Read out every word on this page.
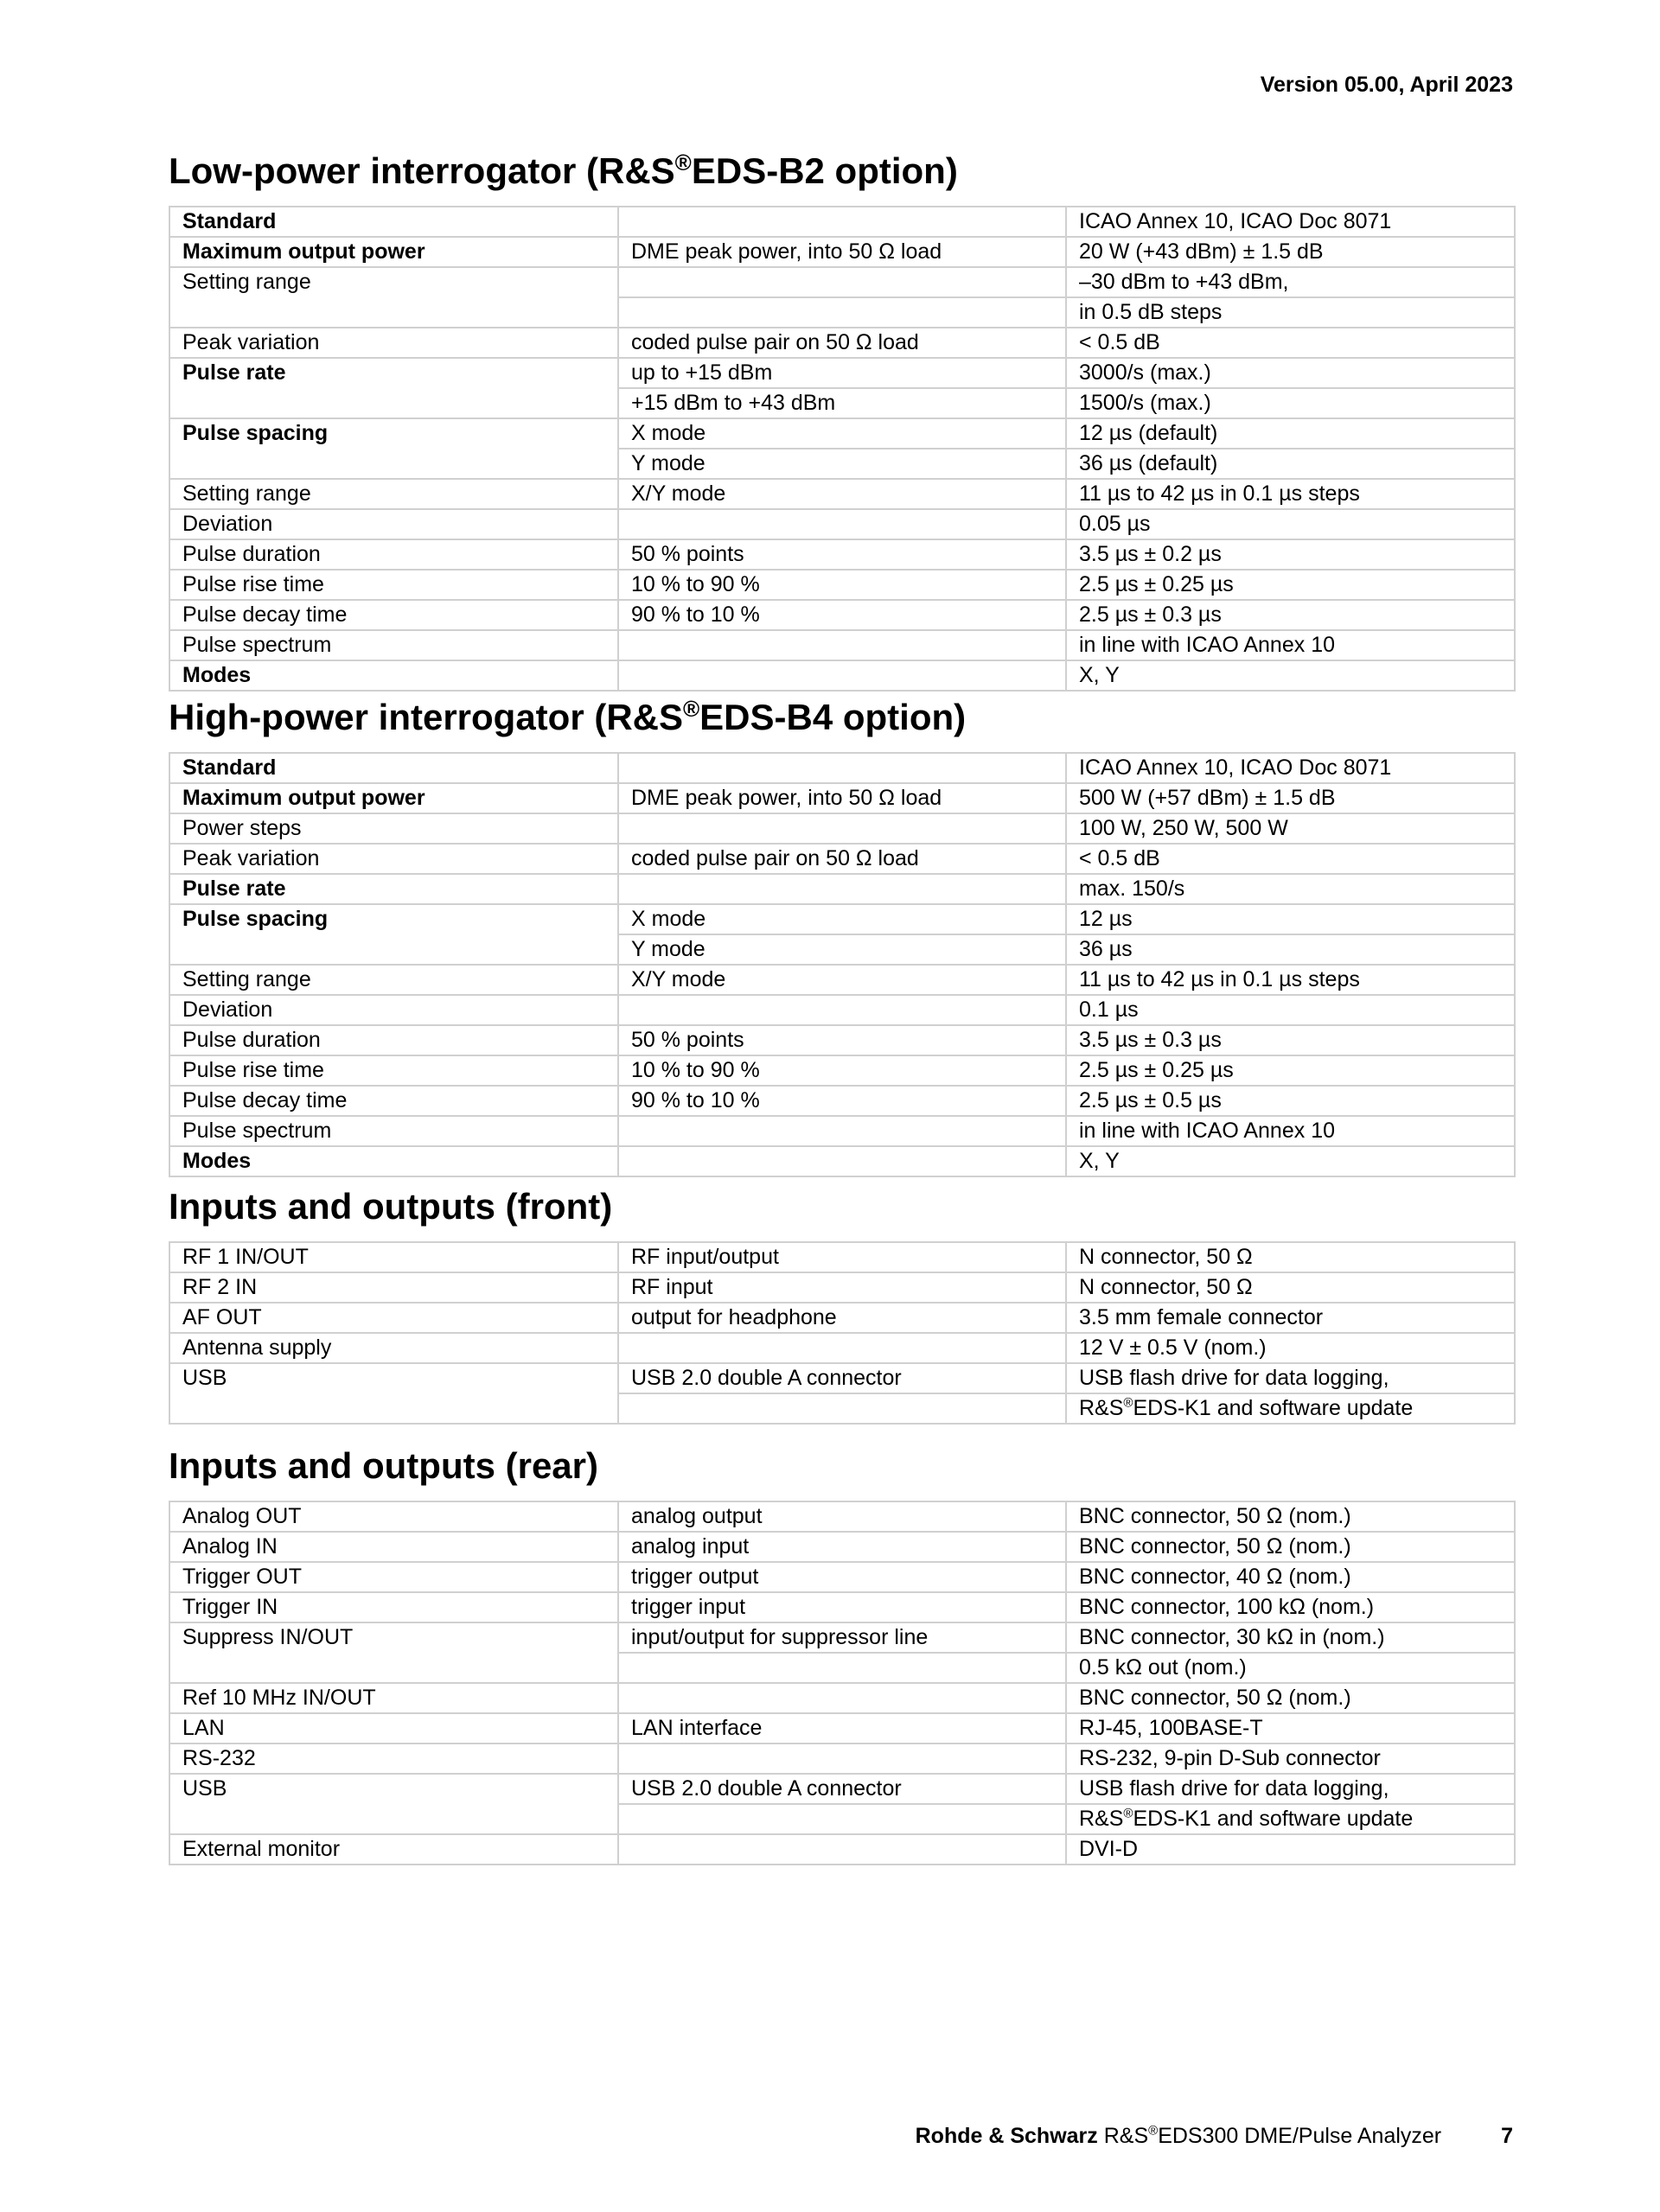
Version 05.00, April 2023
Low-power interrogator (R&S®EDS-B2 option)
Standard		ICAO Annex 10, ICAO Doc 8071
Maximum output power	DME peak power, into 50 Ω load	20 W (+43 dBm) ± 1.5 dB
Setting range		–30 dBm to +43 dBm,
		in 0.5 dB steps
Peak variation	coded pulse pair on 50 Ω load	< 0.5 dB
Pulse rate	up to +15 dBm	3000/s (max.)
	+15 dBm to +43 dBm	1500/s (max.)
Pulse spacing	X mode	12 µs (default)
	Y mode	36 µs (default)
Setting range	X/Y mode	11 µs to 42 µs in 0.1 µs steps
Deviation		0.05 µs
Pulse duration	50 % points	3.5 µs ± 0.2 µs
Pulse rise time	10 % to 90 %	2.5 µs ± 0.25 µs
Pulse decay time	90 % to 10 %	2.5 µs ± 0.3 µs
Pulse spectrum		in line with ICAO Annex 10
Modes		X, Y
High-power interrogator (R&S®EDS-B4 option)
Standard		ICAO Annex 10, ICAO Doc 8071
Maximum output power	DME peak power, into 50 Ω load	500 W (+57 dBm) ± 1.5 dB
Power steps		100 W, 250 W, 500 W
Peak variation	coded pulse pair on 50 Ω load	< 0.5 dB
Pulse rate		max. 150/s
Pulse spacing	X mode	12 µs
	Y mode	36 µs
Setting range	X/Y mode	11 µs to 42 µs in 0.1 µs steps
Deviation		0.1 µs
Pulse duration	50 % points	3.5 µs ± 0.3 µs
Pulse rise time	10 % to 90 %	2.5 µs ± 0.25 µs
Pulse decay time	90 % to 10 %	2.5 µs ± 0.5 µs
Pulse spectrum		in line with ICAO Annex 10
Modes		X, Y
Inputs and outputs (front)
RF 1 IN/OUT	RF input/output	N connector, 50 Ω
RF 2 IN	RF input	N connector, 50 Ω
AF OUT	output for headphone	3.5 mm female connector
Antenna supply		12 V ± 0.5 V (nom.)
USB	USB 2.0 double A connector	USB flash drive for data logging,
		R&S®EDS-K1 and software update
Inputs and outputs (rear)
Analog OUT	analog output	BNC connector, 50 Ω (nom.)
Analog IN	analog input	BNC connector, 50 Ω (nom.)
Trigger OUT	trigger output	BNC connector, 40 Ω (nom.)
Trigger IN	trigger input	BNC connector, 100 kΩ (nom.)
Suppress IN/OUT	input/output for suppressor line	BNC connector, 30 kΩ in (nom.)
		0.5 kΩ out (nom.)
Ref 10 MHz IN/OUT		BNC connector, 50 Ω (nom.)
LAN	LAN interface	RJ-45, 100BASE-T
RS-232		RS-232, 9-pin D-Sub connector
USB	USB 2.0 double A connector	USB flash drive for data logging,
		R&S®EDS-K1 and software update
External monitor		DVI-D
Rohde & Schwarz R&S®EDS300 DME/Pulse Analyzer	7
